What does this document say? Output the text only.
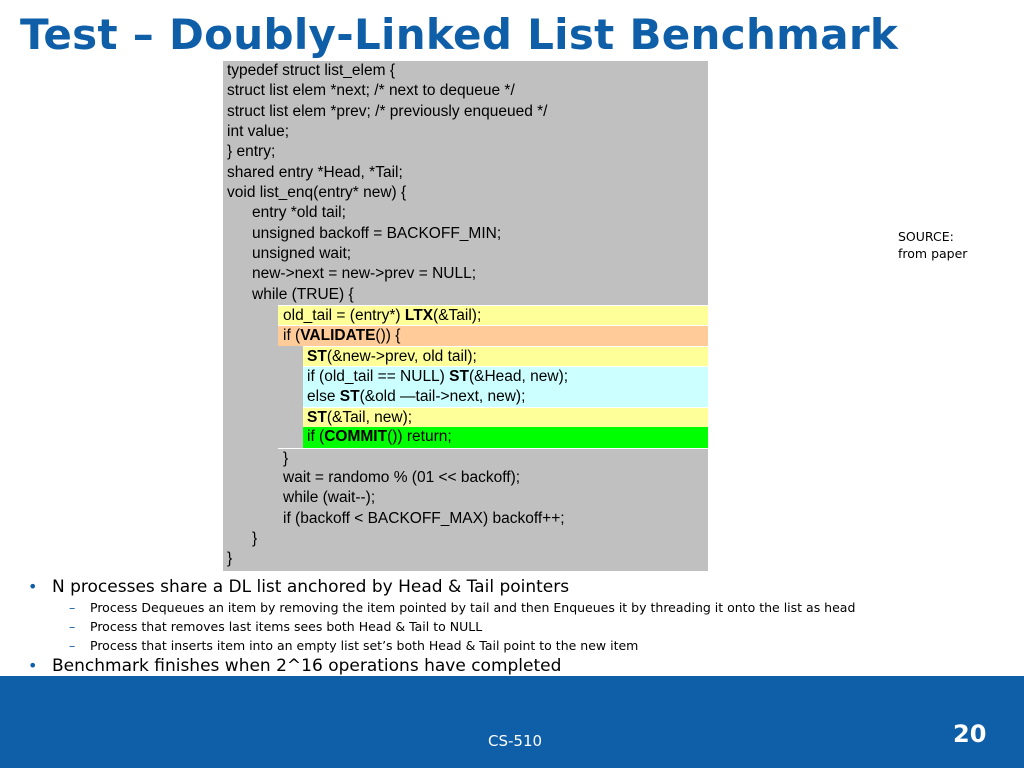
Test – Doubly-Linked List Benchmark
typedef struct list_elem {
struct list elem *next; /* next to dequeue */
struct list elem *prev; /* previously enqueued */
int value;
} entry;
shared entry *Head, *Tail;
void list_enq(entry* new) {
entry *old tail;
unsigned backoff = BACKOFF_MIN;
unsigned wait;
new->next = new->prev = NULL;
while (TRUE) {
old_tail = (entry*) LTX(&Tail);
if (VALIDATE()) {
ST(&new->prev, old tail);
if (old_tail == NULL) ST(&Head, new);
else ST(&old —tail->next, new);
ST(&Tail, new);
if (COMMIT()) return;
}
wait = randomo % (01 << backoff);
while (wait--);
if (backoff < BACKOFF_MAX) backoff++;
}
}
SOURCE:
from paper
• N processes share a DL list anchored by Head & Tail pointers
– Process Dequeues an item by removing the item pointed by tail and then Enqueues it by threading it onto the list as head
– Process that removes last items sees both Head & Tail to NULL
– Process that inserts item into an empty list set’s both Head & Tail point to the new item
• Benchmark finishes when 2^16 operations have completed
CS-510	20
